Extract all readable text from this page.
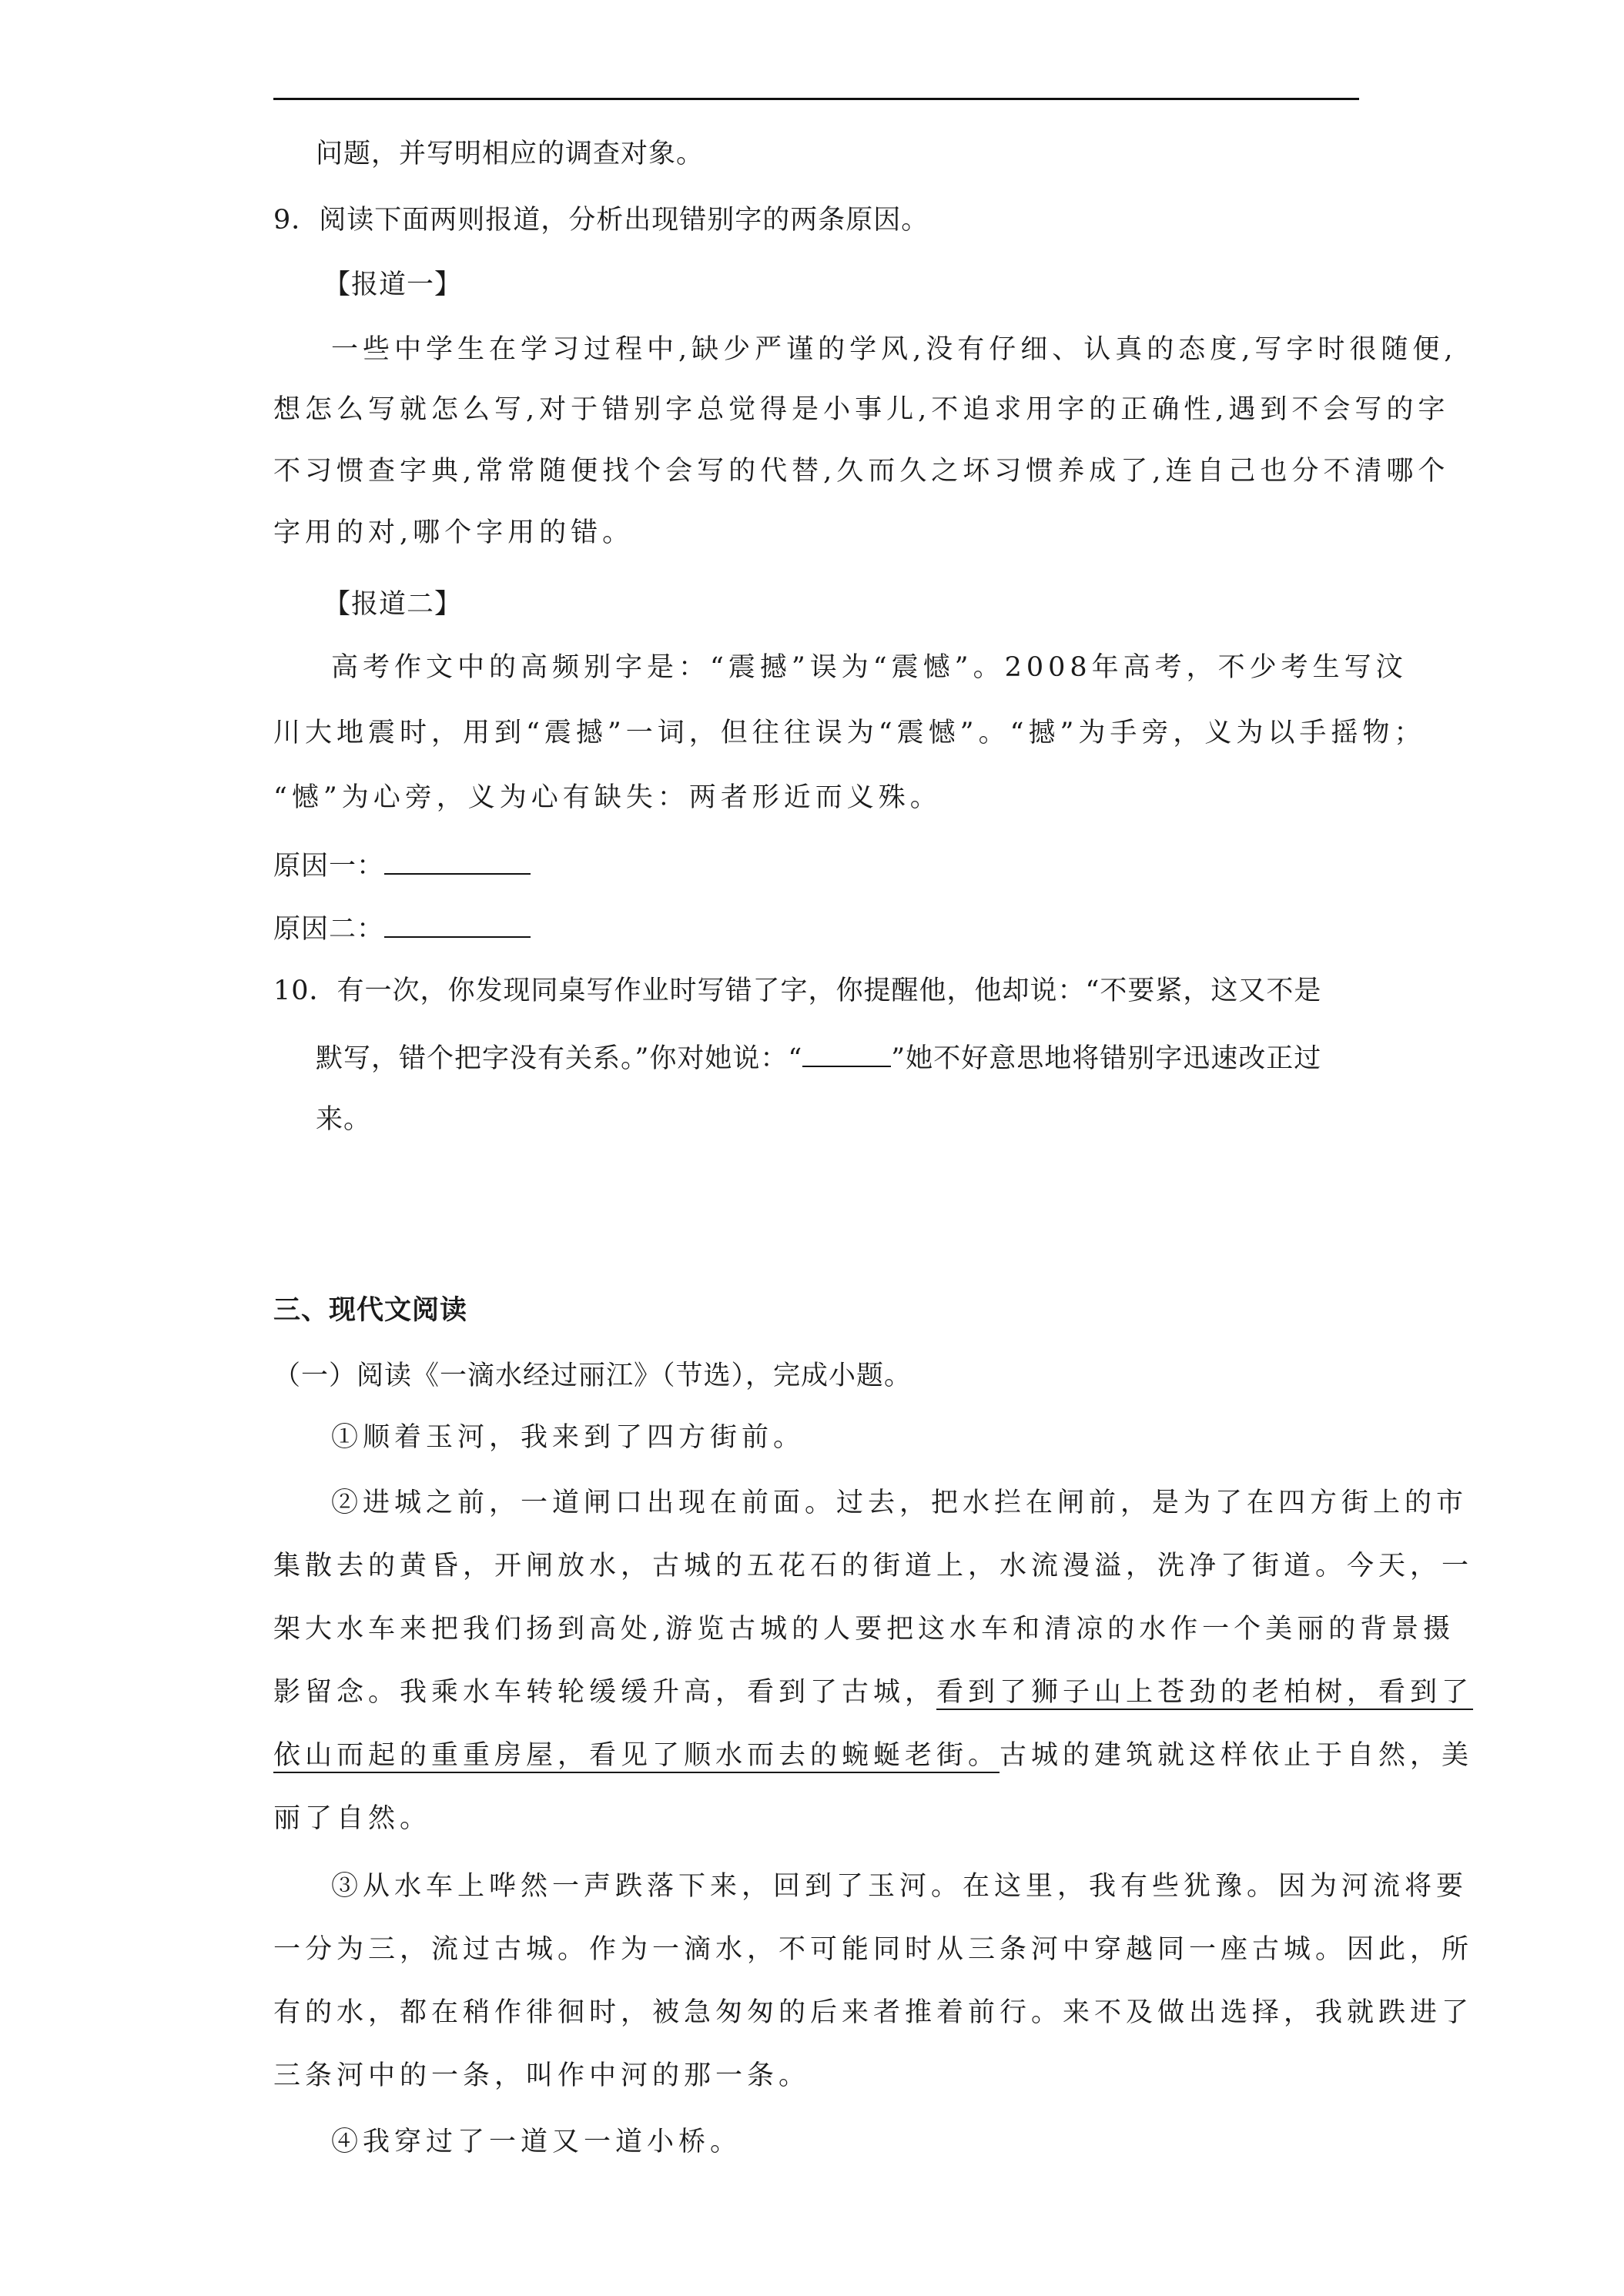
问题，并写明相应的调查对象。
9．阅读下面两则报道，分析出现错别字的两条原因。
【报道一】
一些中学生在学习过程中,缺少严谨的学风,没有仔细、认真的态度,写字时很随便,
想怎么写就怎么写,对于错别字总觉得是小事儿,不追求用字的正确性,遇到不会写的字
不习惯查字典,常常随便找个会写的代替,久而久之坏习惯养成了,连自己也分不清哪个
字用的对,哪个字用的错。
【报道二】
高考作文中的高频别字是：“震撼”误为“震憾”。2008年高考，不少考生写汶
川大地震时，用到“震撼”一词，但往往误为“震憾”。“撼”为手旁，义为以手摇物；
“憾”为心旁，义为心有缺失：两者形近而义殊。
原因一：
原因二：
10．有一次，你发现同桌写作业时写错了字，你提醒他，他却说：“不要紧，这又不是
默写，错个把字没有关系。”你对她说：“	”她不好意思地将错别字迅速改正过
来。
三、现代文阅读
（一）阅读《一滴水经过丽江》（节选），完成小题。
①顺着玉河，我来到了四方街前。
②进城之前，一道闸口出现在前面。过去，把水拦在闸前，是为了在四方街上的市
集散去的黄昏，开闸放水，古城的五花石的街道上，水流漫溢，洗净了街道。今天，一
架大水车来把我们扬到高处,游览古城的人要把这水车和清凉的水作一个美丽的背景摄
影留念。我乘水车转轮缓缓升高，看到了古城，看到了狮子山上苍劲的老柏树，看到了
依山而起的重重房屋，看见了顺水而去的蜿蜒老街。古城的建筑就这样依止于自然，美
丽了自然。
③从水车上哗然一声跌落下来，回到了玉河。在这里，我有些犹豫。因为河流将要
一分为三，流过古城。作为一滴水，不可能同时从三条河中穿越同一座古城。因此，所
有的水，都在稍作徘徊时，被急匆匆的后来者推着前行。来不及做出选择，我就跌进了
三条河中的一条，叫作中河的那一条。
④我穿过了一道又一道小桥。
